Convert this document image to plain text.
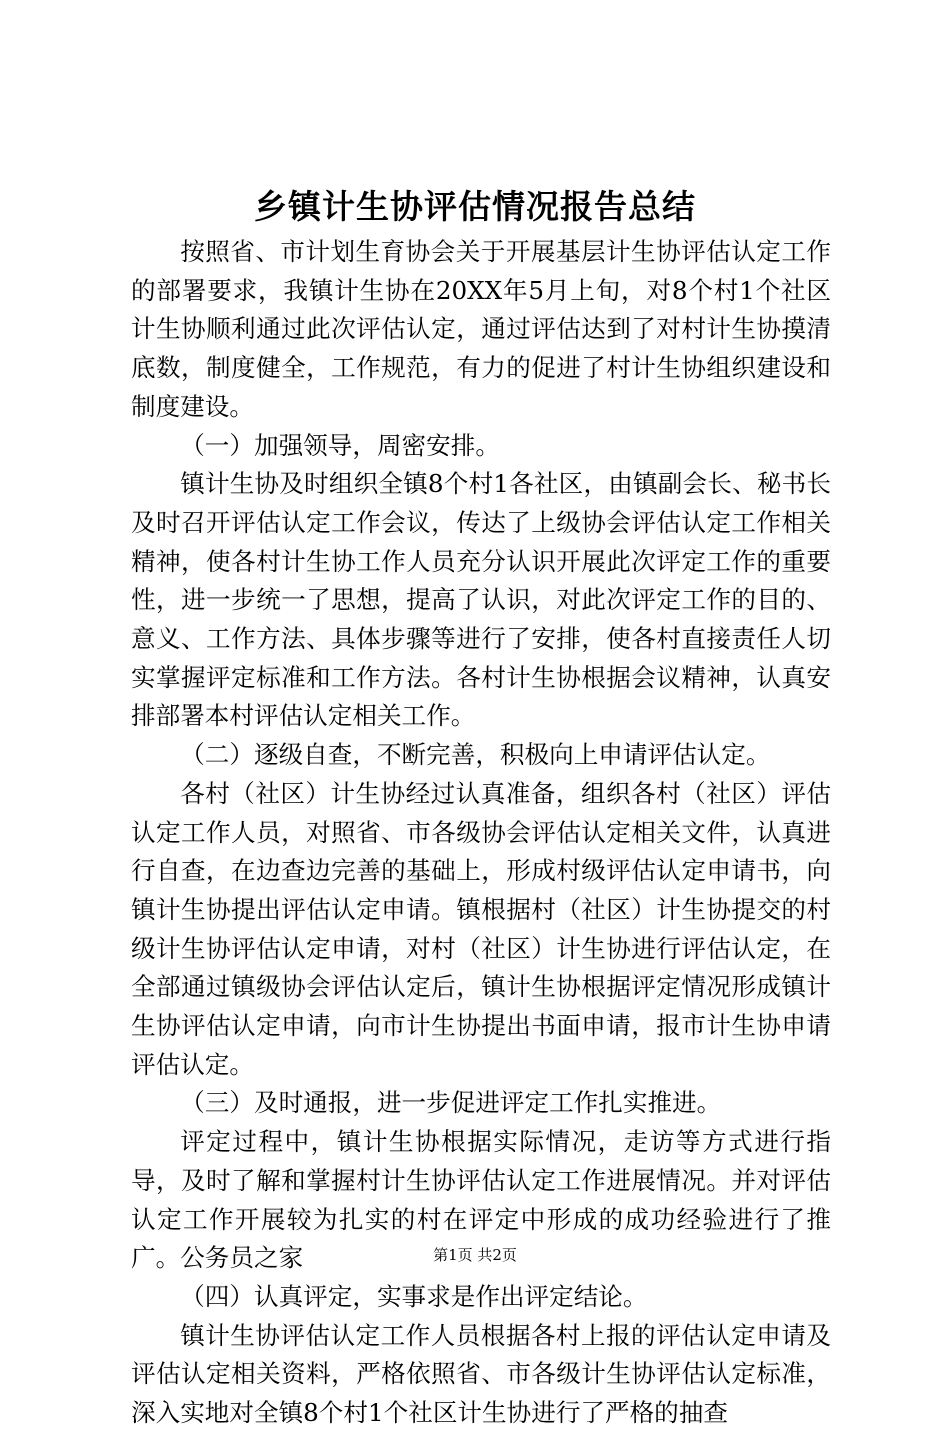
乡镇计生协评估情况报告总结

按照省、市计划生育协会关于开展基层计生协评估认定工作的部署要求，我镇计生协在20XX年5月上旬，对8个村1个社区计生协顺利通过此次评估认定，通过评估达到了对村计生协摸清底数，制度健全，工作规范，有力的促进了村计生协组织建设和制度建设。

（一）加强领导，周密安排。

镇计生协及时组织全镇8个村1各社区，由镇副会长、秘书长及时召开评估认定工作会议，传达了上级协会评估认定工作相关精神，使各村计生协工作人员充分认识开展此次评定工作的重要性，进一步统一了思想，提高了认识，对此次评定工作的目的、意义、工作方法、具体步骤等进行了安排，使各村直接责任人切实掌握评定标准和工作方法。各村计生协根据会议精神，认真安排部署本村评估认定相关工作。

（二）逐级自查，不断完善，积极向上申请评估认定。

各村（社区）计生协经过认真准备，组织各村（社区）评估认定工作人员，对照省、市各级协会评估认定相关文件，认真进行自查，在边查边完善的基础上，形成村级评估认定申请书，向镇计生协提出评估认定申请。镇根据村（社区）计生协提交的村级计生协评估认定申请，对村（社区）计生协进行评估认定，在全部通过镇级协会评估认定后，镇计生协根据评定情况形成镇计生协评估认定申请，向市计生协提出书面申请，报市计生协申请评估认定。

（三）及时通报，进一步促进评定工作扎实推进。

评定过程中，镇计生协根据实际情况，走访等方式进行指导，及时了解和掌握村计生协评估认定工作进展情况。并对评估认定工作开展较为扎实的村在评定中形成的成功经验进行了推广。公务员之家

（四）认真评定，实事求是作出评定结论。

镇计生协评估认定工作人员根据各村上报的评估认定申请及评估认定相关资料，严格依照省、市各级计生协评估认定标准，深入实地对全镇8个村1个社区计生协进行了严格的抽查

第1页 共2页
